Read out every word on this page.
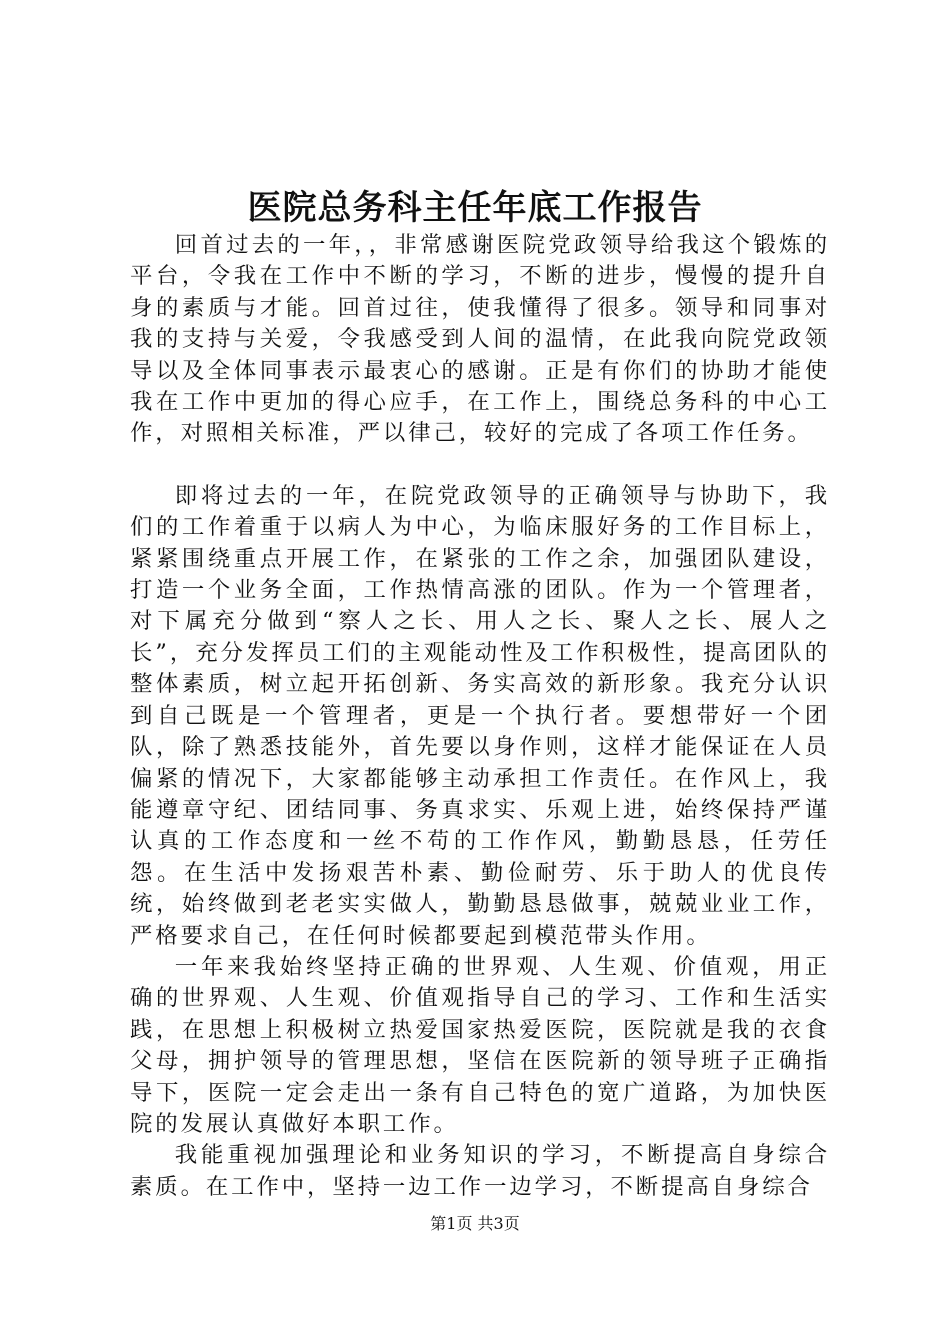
医院总务科主任年底工作报告

回首过去的一年，，非常感谢医院党政领导给我这个锻炼的平台，令我在工作中不断的学习，不断的进步，慢慢的提升自身的素质与才能。回首过往，使我懂得了很多。领导和同事对我的支持与关爱，令我感受到人间的温情，在此我向院党政领导以及全体同事表示最衷心的感谢。正是有你们的协助才能使我在工作中更加的得心应手，在工作上，围绕总务科的中心工作，对照相关标准，严以律己，较好的完成了各项工作任务。

即将过去的一年，在院党政领导的正确领导与协助下，我们的工作着重于以病人为中心，为临床服好务的工作目标上，紧紧围绕重点开展工作，在紧张的工作之余，加强团队建设，打造一个业务全面，工作热情高涨的团队。作为一个管理者，对下属充分做到“察人之长、用人之长、聚人之长、展人之长”，充分发挥员工们的主观能动性及工作积极性，提高团队的整体素质，树立起开拓创新、务实高效的新形象。我充分认识到自己既是一个管理者，更是一个执行者。要想带好一个团队，除了熟悉技能外，首先要以身作则，这样才能保证在人员偏紧的情况下，大家都能够主动承担工作责任。在作风上，我能遵章守纪、团结同事、务真求实、乐观上进，始终保持严谨认真的工作态度和一丝不苟的工作作风，勤勤恳恳，任劳任怨。在生活中发扬艰苦朴素、勤俭耐劳、乐于助人的优良传统，始终做到老老实实做人，勤勤恳恳做事，兢兢业业工作，严格要求自己，在任何时候都要起到模范带头作用。

一年来我始终坚持正确的世界观、人生观、价值观，用正确的世界观、人生观、价值观指导自己的学习、工作和生活实践，在思想上积极树立热爱国家热爱医院，医院就是我的衣食父母，拥护领导的管理思想，坚信在医院新的领导班子正确指导下，医院一定会走出一条有自己特色的宽广道路，为加快医院的发展认真做好本职工作。

我能重视加强理论和业务知识的学习，不断提高自身综合素质。在工作中，坚持一边工作一边学习，不断提高自身综合

第1页 共3页
